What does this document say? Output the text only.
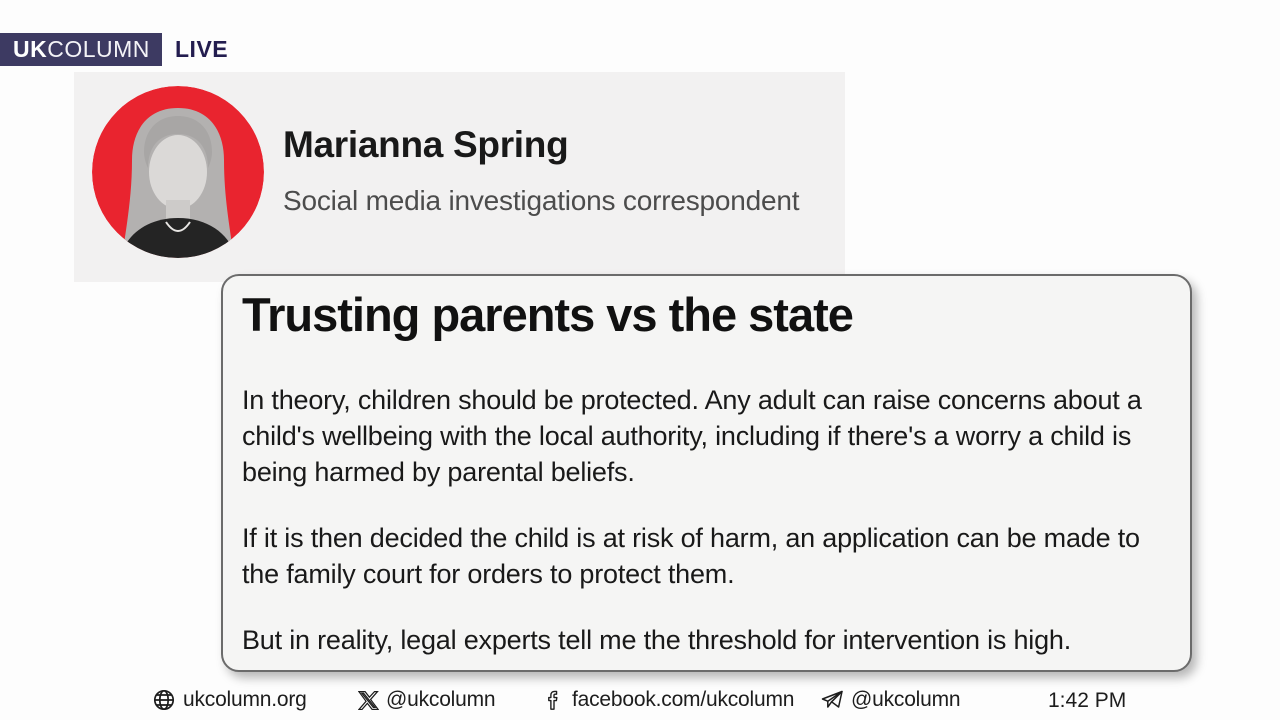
UK COLUMN LIVE
Marianna Spring
Social media investigations correspondent
Trusting parents vs the state

In theory, children should be protected. Any adult can raise concerns about a child's wellbeing with the local authority, including if there's a worry a child is being harmed by parental beliefs.

If it is then decided the child is at risk of harm, an application can be made to the family court for orders to protect them.

But in reality, legal experts tell me the threshold for intervention is high.

ukcolumn.org	@ukcolumn	facebook.com/ukcolumn	@ukcolumn	1:42 PM
